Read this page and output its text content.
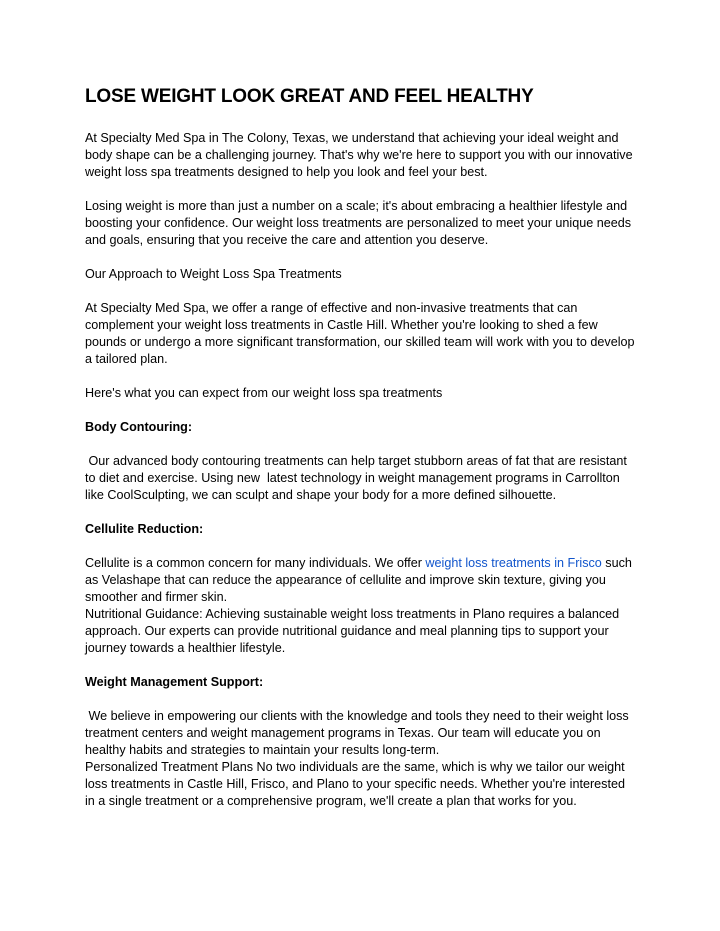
LOSE WEIGHT LOOK GREAT AND FEEL HEALTHY

At Specialty Med Spa in The Colony, Texas, we understand that achieving your ideal weight and body shape can be a challenging journey. That's why we're here to support you with our innovative weight loss spa treatments designed to help you look and feel your best.

Losing weight is more than just a number on a scale; it's about embracing a healthier lifestyle and boosting your confidence. Our weight loss treatments are personalized to meet your unique needs and goals, ensuring that you receive the care and attention you deserve.

Our Approach to Weight Loss Spa Treatments

At Specialty Med Spa, we offer a range of effective and non-invasive treatments that can complement your weight loss treatments in Castle Hill. Whether you're looking to shed a few pounds or undergo a more significant transformation, our skilled team will work with you to develop a tailored plan.

Here's what you can expect from our weight loss spa treatments

Body Contouring:

Our advanced body contouring treatments can help target stubborn areas of fat that are resistant to diet and exercise. Using new  latest technology in weight management programs in Carrollton like CoolSculpting, we can sculpt and shape your body for a more defined silhouette.

Cellulite Reduction:

Cellulite is a common concern for many individuals. We offer weight loss treatments in Frisco such as Velashape that can reduce the appearance of cellulite and improve skin texture, giving you smoother and firmer skin.

Nutritional Guidance: Achieving sustainable weight loss treatments in Plano requires a balanced approach. Our experts can provide nutritional guidance and meal planning tips to support your journey towards a healthier lifestyle.

Weight Management Support:

We believe in empowering our clients with the knowledge and tools they need to their weight loss treatment centers and weight management programs in Texas. Our team will educate you on healthy habits and strategies to maintain your results long-term.

Personalized Treatment Plans No two individuals are the same, which is why we tailor our weight loss treatments in Castle Hill, Frisco, and Plano to your specific needs. Whether you're interested in a single treatment or a comprehensive program, we'll create a plan that works for you.
